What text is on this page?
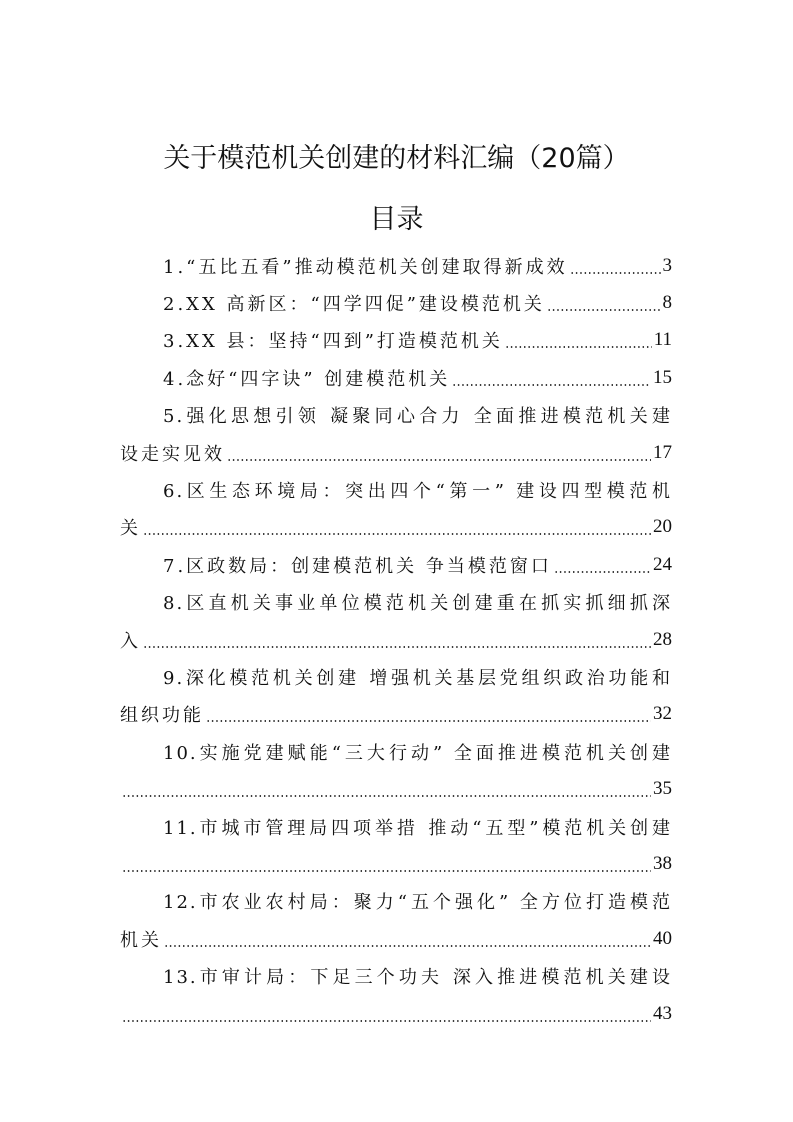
关于模范机关创建的材料汇编（20篇）
目录
1.“五比五看”推动模范机关创建取得新成效	3
2.XX 高新区：“四学四促”建设模范机关	8
3.XX 县：坚持“四到”打造模范机关	11
4.念好“四字诀” 创建模范机关	15
5.强化思想引领 凝聚同心合力 全面推进模范机关建
设走实见效	17
6.区生态环境局：突出四个“第一” 建设四型模范机
关	20
7.区政数局：创建模范机关 争当模范窗口	24
8.区直机关事业单位模范机关创建重在抓实抓细抓深
入	28
9.深化模范机关创建 增强机关基层党组织政治功能和
组织功能	32
10.实施党建赋能“三大行动” 全面推进模范机关创建
35
11.市城市管理局四项举措 推动“五型”模范机关创建
38
12.市农业农村局：聚力“五个强化” 全方位打造模范
机关	40
13.市审计局：下足三个功夫 深入推进模范机关建设
43
